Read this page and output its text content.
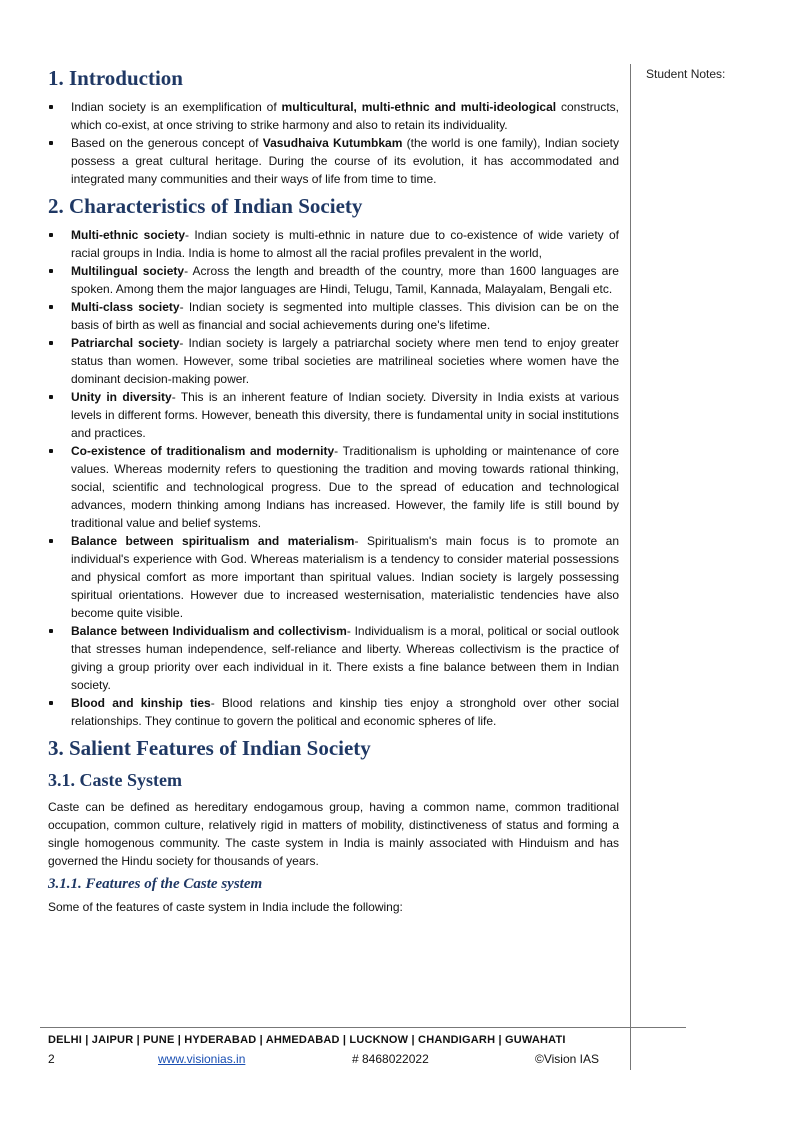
Student Notes:
1. Introduction
Indian society is an exemplification of multicultural, multi-ethnic and multi-ideological constructs, which co-exist, at once striving to strike harmony and also to retain its individuality.
Based on the generous concept of Vasudhaiva Kutumbkam (the world is one family), Indian society possess a great cultural heritage. During the course of its evolution, it has accommodated and integrated many communities and their ways of life from time to time.
2. Characteristics of Indian Society
Multi-ethnic society- Indian society is multi-ethnic in nature due to co-existence of wide variety of racial groups in India. India is home to almost all the racial profiles prevalent in the world,
Multilingual society- Across the length and breadth of the country, more than 1600 languages are spoken. Among them the major languages are Hindi, Telugu, Tamil, Kannada, Malayalam, Bengali etc.
Multi-class society- Indian society is segmented into multiple classes. This division can be on the basis of birth as well as financial and social achievements during one's lifetime.
Patriarchal society- Indian society is largely a patriarchal society where men tend to enjoy greater status than women. However, some tribal societies are matrilineal societies where women have the dominant decision-making power.
Unity in diversity- This is an inherent feature of Indian society. Diversity in India exists at various levels in different forms. However, beneath this diversity, there is fundamental unity in social institutions and practices.
Co-existence of traditionalism and modernity- Traditionalism is upholding or maintenance of core values. Whereas modernity refers to questioning the tradition and moving towards rational thinking, social, scientific and technological progress. Due to the spread of education and technological advances, modern thinking among Indians has increased. However, the family life is still bound by traditional value and belief systems.
Balance between spiritualism and materialism- Spiritualism's main focus is to promote an individual's experience with God. Whereas materialism is a tendency to consider material possessions and physical comfort as more important than spiritual values. Indian society is largely possessing spiritual orientations. However due to increased westernisation, materialistic tendencies have also become quite visible.
Balance between Individualism and collectivism- Individualism is a moral, political or social outlook that stresses human independence, self-reliance and liberty. Whereas collectivism is the practice of giving a group priority over each individual in it. There exists a fine balance between them in Indian society.
Blood and kinship ties- Blood relations and kinship ties enjoy a stronghold over other social relationships. They continue to govern the political and economic spheres of life.
3. Salient Features of Indian Society
3.1. Caste System

Caste can be defined as hereditary endogamous group, having a common name, common traditional occupation, common culture, relatively rigid in matters of mobility, distinctiveness of status and forming a single homogenous community. The caste system in India is mainly associated with Hinduism and has governed the Hindu society for thousands of years.

3.1.1. Features of the Caste system

Some of the features of caste system in India include the following:

DELHI | JAIPUR | PUNE | HYDERABAD | AHMEDABAD | LUCKNOW | CHANDIGARH | GUWAHATI
2	www.visionias.in	# 8468022022	©Vision IAS
